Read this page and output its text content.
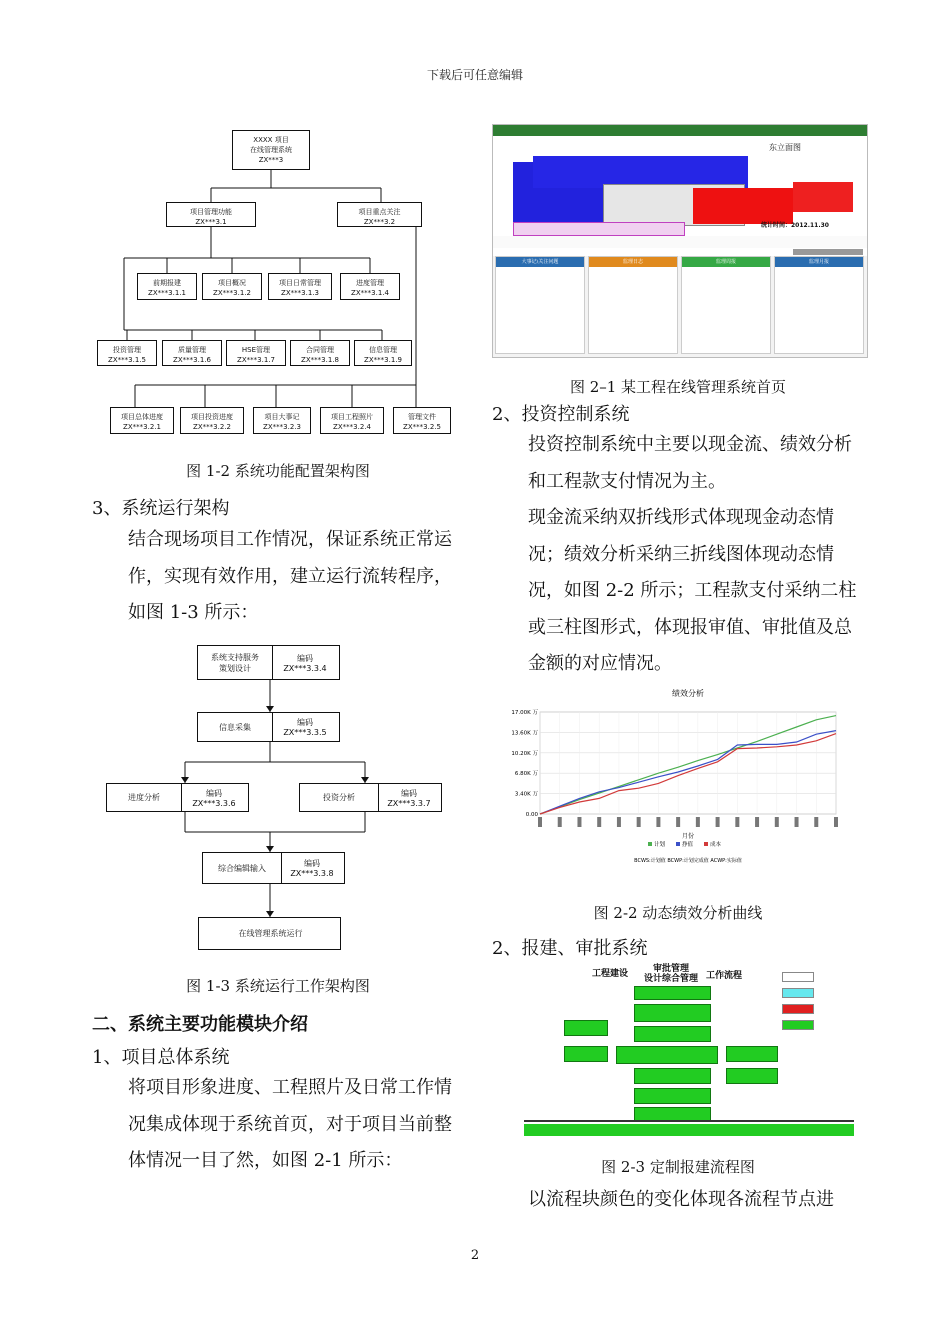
下载后可任意编辑
XXXX 项目
在线管理系统
ZX***3
项目管理功能
ZX***3.1
项目重点关注
ZX***3.2
前期报建
ZX***3.1.1
项目概况
ZX***3.1.2
项目日常管理
ZX***3.1.3
进度管理
ZX***3.1.4
投资管理
ZX***3.1.5
质量管理
ZX***3.1.6
HSE管理
ZX***3.1.7
合同管理
ZX***3.1.8
信息管理
ZX***3.1.9
项目总体进度
ZX***3.2.1
项目投资进度
ZX***3.2.2
项目大事记
ZX***3.2.3
项目工程照片
ZX***3.2.4
管理文件
ZX***3.2.5
图 1-2 系统功能配置架构图
3、系统运行架构
结合现场项目工作情况，保证系统正常运作，实现有效作用，建立运行流转程序，如图 1-3 所示：
系统支持服务
策划设计
编码
ZX***3.3.4
信息采集	编码
ZX***3.3.5
进度分析	编码
ZX***3.3.6
投资分析	编码
ZX***3.3.7
综合编辑输入	编码
ZX***3.3.8
在线管理系统运行
图 1-3 系统运行工作架构图
二、系统主要功能模块介绍
1、项目总体系统
将项目形象进度、工程照片及日常工作情况集成体现于系统首页，对于项目当前整体情况一目了然，如图 2-1 所示：
东立面图
统计时间：2012.11.30
大事记\关注问题	监理日志	监理周报	监理月报
图 2–1 某工程在线管理系统首页
2、投资控制系统
投资控制系统中主要以现金流、绩效分析和工程款支付情况为主。
现金流采纳双折线形式体现现金动态情况；绩效分析采纳三折线图体现动态情况，如图 2-2 所示；工程款支付采纳二柱或三柱图形式，体现报审值、审批值及总金额的对应情况。
绩效分析
0.00
3.40K 万
6.80K 万
10.20K 万
13.60K 万
17.00K 万
月份
计划	挣值	成本
BCWS:计划值 BCWP:计划完成值 ACWP:实际值
图 2-2 动态绩效分析曲线
2、报建、审批系统
工程建设	审批管理
设计综合管理 工作流程
图 2-3 定制报建流程图
以流程块颜色的变化体现各流程节点进
2
